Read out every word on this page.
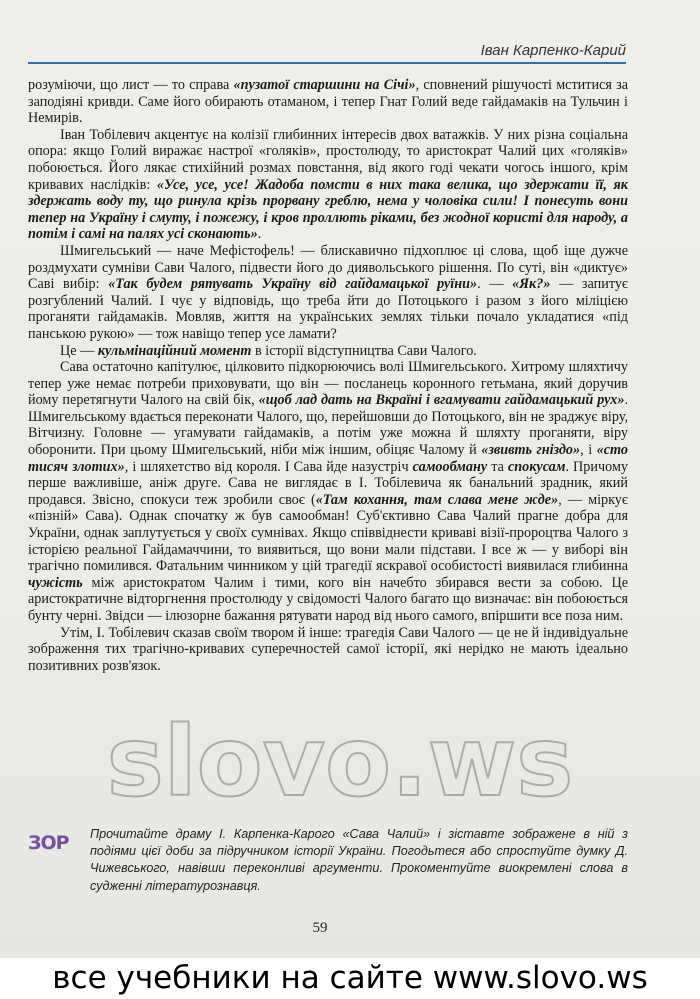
Іван Карпенко-Карий

розуміючи, що лист — то справа «пузатої старшини на Січі», сповнений рішучості мститися за заподіяні кривди. Саме його обирають отаманом, і тепер Гнат Голий веде гайдамаків на Тульчин і Немирів.

Іван Тобілевич акцентує на колізії глибинних інтересів двох ватажків. У них різна соціальна опора: якщо Голий виражає настрої «голяків», простолюду, то аристократ Чалий цих «голяків» побоюється. Його лякає стихійний розмах повстання, від якого годі чекати чогось іншого, крім кривавих наслідків: «Усе, усе, усе! Жадоба помсти в них така велика, що здержати її, як здержать воду ту, що ринула крізь прорвану греблю, нема у чоловіка сили! І понесуть вони тепер на Україну і смуту, і пожежу, і кров проллють ріками, без жодної користі для народу, а потім і самі на палях усі сконають».

Шмигельський — наче Мефістофель! — блискавично підхоплює ці слова, щоб іще дужче роздмухати сумніви Сави Чалого, підвести його до диявольського рішення. По суті, він «диктує» Саві вибір: «Так будем рятувать Україну від гайдамацької руїни». — «Як?» — запитує розгублений Чалий. І чує у відповідь, що треба йти до Потоцького і разом з його міліцією проганяти гайдамаків. Мовляв, життя на українських землях тільки почало укладатися «під панською рукою» — тож навіщо тепер усе ламати?

Це — кульмінаційний момент в історії відступництва Сави Чалого.

Сава остаточно капітулює, цілковито підкорюючись волі Шмигельського. Хитрому шляхтичу тепер уже немає потреби приховувати, що він — посланець коронного гетьмана, який доручив йому перетягнути Чалого на свій бік, «щоб лад дать на Вкраїні і вгамувати гайдамацький рух». Шмигельському вдається переконати Чалого, що, перейшовши до Потоцького, він не зраджує віру, Вітчизну. Головне — угамувати гайдамаків, а потім уже можна й шляхту проганяти, віру оборонити. При цьому Шмигельський, ніби між іншим, обіцяє Чалому й «звивть гніздо», і «сто тисяч злотих», і шляхетство від короля. І Сава йде назустріч самообману та спокусам. Причому перше важливіше, аніж друге. Сава не виглядає в І. Тобілевича як банальний зрадник, який продався. Звісно, спокуси теж зробили своє («Там кохання, там слава мене жде», — міркує «пізній» Сава). Однак спочатку ж був самообман! Суб'єктивно Сава Чалий прагне добра для України, однак заплутується у своїх сумнівах. Якщо співвіднести криваві візії-пророцтва Чалого з історією реальної Гайдамаччини, то виявиться, що вони мали підстави. І все ж — у виборі він трагічно помилився. Фатальним чинником у цій трагедії яскравої особистості виявилася глибинна чужість між аристократом Чалим і тими, кого він начебто збирався вести за собою. Це аристократичне відторгнення простолюду у свідомості Чалого багато що визначає: він побоюється бунту черні. Звідси — ілюзорне бажання рятувати народ від нього самого, впіршити все поза ним.

Утім, І. Тобілевич сказав своїм твором й інше: трагедія Сави Чалого — це не й індивідуальне зображення тих трагічно-кривавих суперечностей самої історії, які нерідко не мають ідеально позитивних розв'язок.

slovo.ws
ЗОР Прочитайте драму І. Карпенка-Карого «Сава Чалий» і зіставте зображене в ній з подіями цієї доби за підручником історії України. Погодьтеся або спростуйте думку Д. Чижевського, навівши переконливі аргументи. Прокоментуйте виокремлені слова в судженні літературознавця.
59
все учебники на сайте www.slovo.ws
